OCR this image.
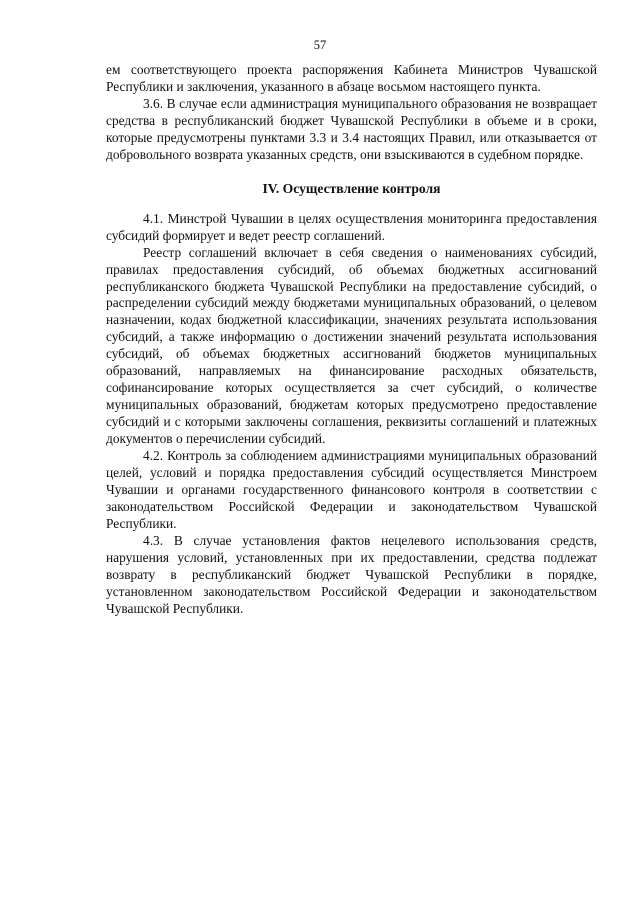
57

ем соответствующего проекта распоряжения Кабинета Министров Чувашской Республики и заключения, указанного в абзаце восьмом настоящего пункта.

3.6. В случае если администрация муниципального образования не возвращает средства в республиканский бюджет Чувашской Республики в объеме и в сроки, которые предусмотрены пунктами 3.3 и 3.4 настоящих Правил, или отказывается от добровольного возврата указанных средств, они взыскиваются в судебном порядке.

IV. Осуществление контроля

4.1. Минстрой Чувашии в целях осуществления мониторинга предоставления субсидий формирует и ведет реестр соглашений.

Реестр соглашений включает в себя сведения о наименованиях субсидий, правилах предоставления субсидий, об объемах бюджетных ассигнований республиканского бюджета Чувашской Республики на предоставление субсидий, о распределении субсидий между бюджетами муниципальных образований, о целевом назначении, кодах бюджетной классификации, значениях результата использования субсидий, а также информацию о достижении значений результата использования субсидий, об объемах бюджетных ассигнований бюджетов муниципальных образований, направляемых на финансирование расходных обязательств, софинансирование которых осуществляется за счет субсидий, о количестве муниципальных образований, бюджетам которых предусмотрено предоставление субсидий и с которыми заключены соглашения, реквизиты соглашений и платежных документов о перечислении субсидий.

4.2. Контроль за соблюдением администрациями муниципальных образований целей, условий и порядка предоставления субсидий осуществляется Минстроем Чувашии и органами государственного финансового контроля в соответствии с законодательством Российской Федерации и законодательством Чувашской Республики.

4.3. В случае установления фактов нецелевого использования средств, нарушения условий, установленных при их предоставлении, средства подлежат возврату в республиканский бюджет Чувашской Республики в порядке, установленном законодательством Российской Федерации и законодательством Чувашской Республики.
